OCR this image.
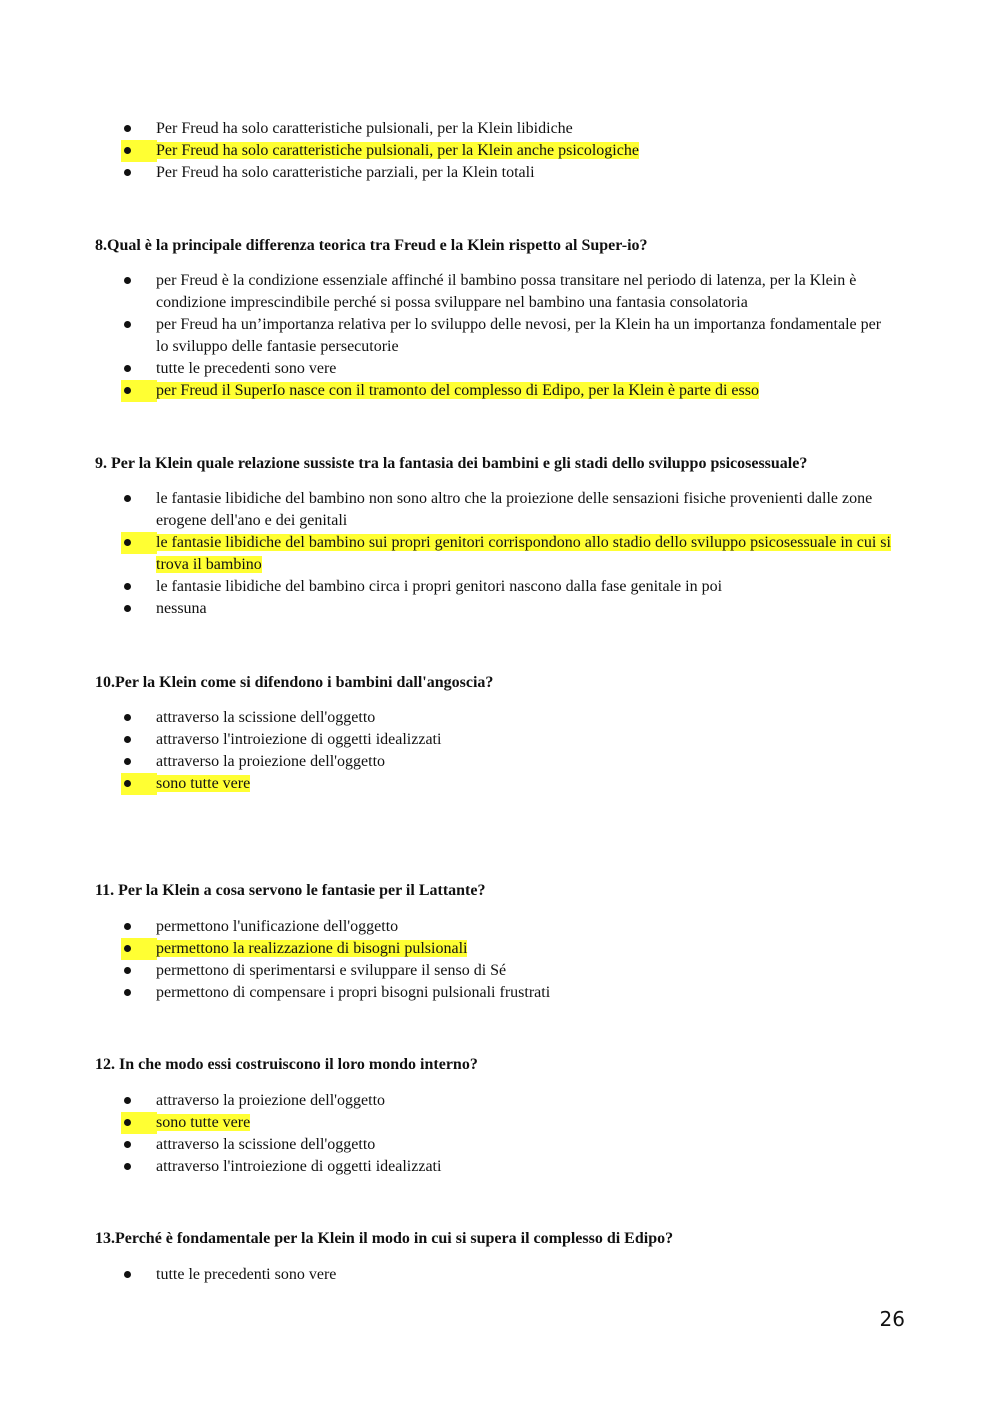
Per Freud ha solo caratteristiche pulsionali, per la Klein libidiche
Per Freud ha solo caratteristiche pulsionali, per la Klein anche psicologiche
Per Freud ha solo caratteristiche parziali, per la Klein totali

8.Qual è la principale differenza teorica tra Freud e la Klein rispetto al Super-io?

per Freud è la condizione essenziale affinché il bambino possa transitare nel periodo di latenza, per la Klein è condizione imprescindibile perché si possa sviluppare nel bambino una fantasia consolatoria
per Freud ha un’importanza relativa per lo sviluppo delle nevosi, per la Klein ha un importanza fondamentale per lo sviluppo delle fantasie persecutorie
tutte le precedenti sono vere
per Freud il SuperIo nasce con il tramonto del complesso di Edipo, per la Klein è parte di esso

9. Per la Klein quale relazione sussiste tra la fantasia dei bambini e gli stadi dello sviluppo psicosessuale?

le fantasie libidiche del bambino non sono altro che la proiezione delle sensazioni fisiche provenienti dalle zone erogene dell'ano e dei genitali
le fantasie libidiche del bambino sui propri genitori corrispondono allo stadio dello sviluppo psicosessuale in cui si trova il bambino
le fantasie libidiche del bambino circa i propri genitori nascono dalla fase genitale in poi
nessuna

10.Per la Klein come si difendono i bambini dall'angoscia?

attraverso la scissione dell'oggetto
attraverso l'introiezione di oggetti idealizzati
attraverso la proiezione dell'oggetto
sono tutte vere

11. Per la Klein a cosa servono le fantasie per il Lattante?

permettono l'unificazione dell'oggetto
permettono la realizzazione di bisogni pulsionali
permettono di sperimentarsi e sviluppare il senso di Sé
permettono di compensare i propri bisogni pulsionali frustrati

12. In che modo essi costruiscono il loro mondo interno?

attraverso la proiezione dell'oggetto
sono tutte vere
attraverso la scissione dell'oggetto
attraverso l'introiezione di oggetti idealizzati

13.Perché è fondamentale per la Klein il modo in cui si supera il complesso di Edipo?

tutte le precedenti sono vere
26
